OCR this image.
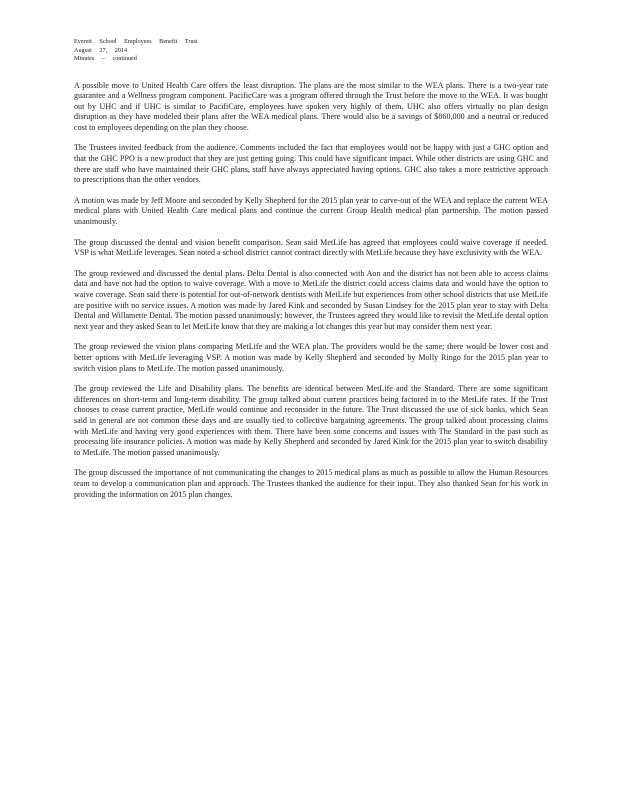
Everett School Employees Benefit Trust
August 27, 2014
Minutes – continued

A possible move to United Health Care offers the least disruption. The plans are the most similar to the WEA plans. There is a two-year rate guarantee and a Wellness program component. PacificCare was a program offered through the Trust before the move to the WEA. It was bought out by UHC and if UHC is similar to PacifiCare, employees have spoken very highly of them. UHC also offers virtually no plan design disruption as they have modeled their plans after the WEA medical plans. There would also be a savings of $860,000 and a neutral or reduced cost to employees depending on the plan they choose.

The Trustees invited feedback from the audience. Comments included the fact that employees would not be happy with just a GHC option and that the GHC PPO is a new product that they are just getting going. This could have significant impact. While other districts are using GHC and there are staff who have maintained their GHC plans, staff have always appreciated having options. GHC also takes a more restrictive approach to prescriptions than the other vendors.

A motion was made by Jeff Moore and seconded by Kelly Shepherd for the 2015 plan year to carve-out of the WEA and replace the current WEA medical plans with United Health Care medical plans and continue the current Group Health medical plan partnership. The motion passed unanimously.

The group discussed the dental and vision benefit comparison. Sean said MetLife has agreed that employees could waive coverage if needed. VSP is what MetLife leverages. Sean noted a school district cannot contract directly with MetLife because they have exclusivity with the WEA.

The group reviewed and discussed the dental plans. Delta Dental is also connected with Aon and the district has not been able to access claims data and have not had the option to waive coverage. With a move to MetLife the district could access claims data and would have the option to waive coverage. Sean said there is potential for out-of-network dentists with MetLife but experiences from other school districts that use MetLife are positive with no service issues. A motion was made by Jared Kink and seconded by Susan Lindsey for the 2015 plan year to stay with Delta Dental and Willamette Dental. The motion passed unanimously; however, the Trustees agreed they would like to revisit the MetLife dental option next year and they asked Sean to let MetLife know that they are making a lot changes this year but may consider them next year.

The group reviewed the vision plans comparing MetLife and the WEA plan. The providers would be the same; there would be lower cost and better options with MetLife leveraging VSP. A motion was made by Kelly Shepherd and seconded by Molly Ringo for the 2015 plan year to switch vision plans to MetLife. The motion passed unanimously.

The group reviewed the Life and Disability plans. The benefits are identical between MetLife and the Standard. There are some significant differences on short-term and long-term disability. The group talked about current practices being factored in to the MetLife rates. If the Trust chooses to cease current practice, MetLife would continue and reconsider in the future. The Trust discussed the use of sick banks, which Sean said in general are not common these days and are usually tied to collective bargaining agreements. The group talked about processing claims with MetLife and having very good experiences with them. There have been some concerns and issues with The Standard in the past such as processing life insurance policies. A motion was made by Kelly Shepherd and seconded by Jared Kink for the 2015 plan year to switch disability to MetLife. The motion passed unanimously.

The group discussed the importance of not communicating the changes to 2015 medical plans as much as possible to allow the Human Resources team to develop a communication plan and approach. The Trustees thanked the audience for their input. They also thanked Sean for his work in providing the information on 2015 plan changes.
